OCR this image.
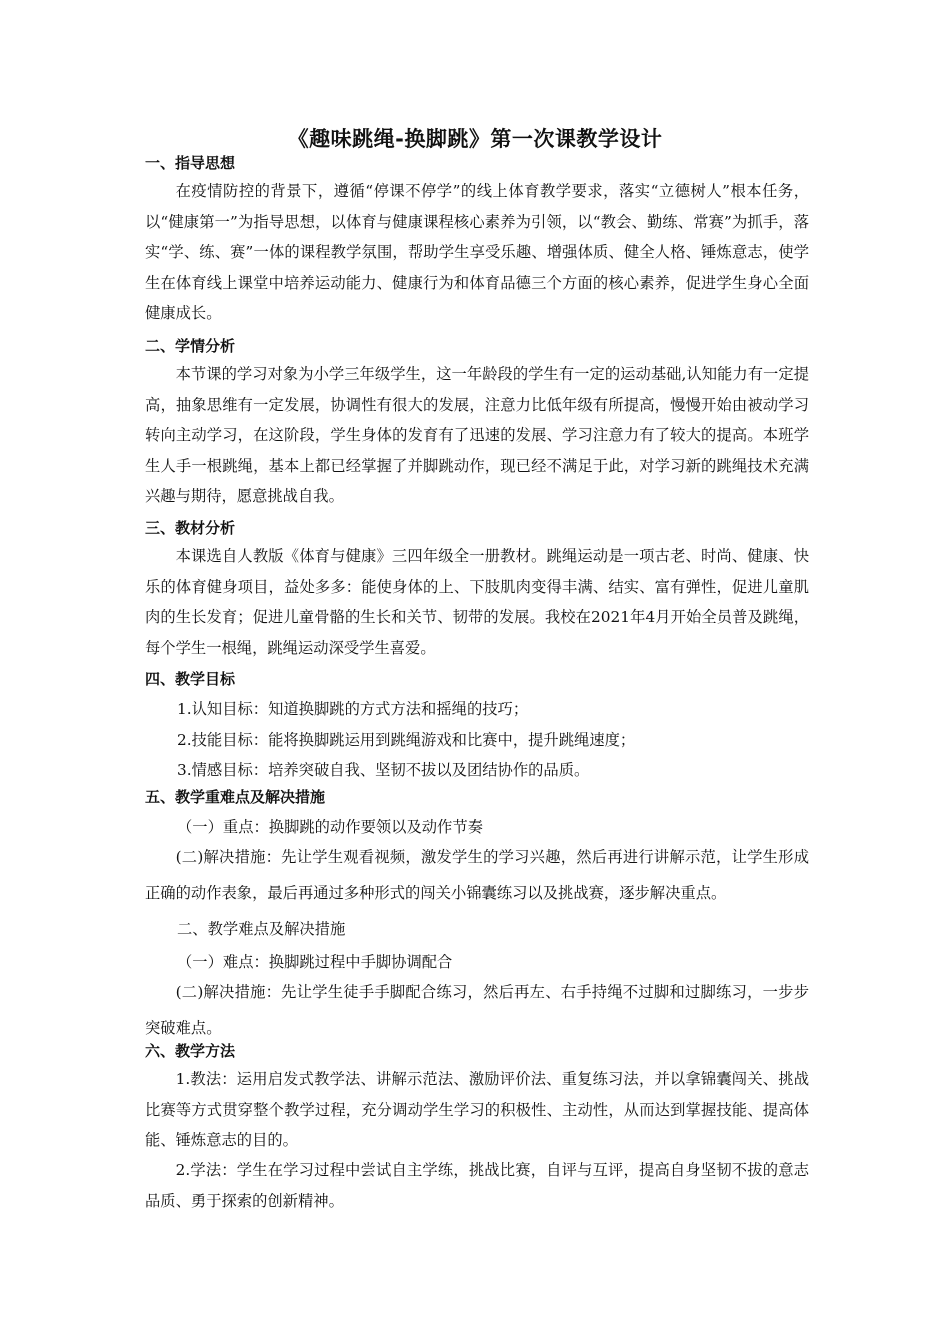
《趣味跳绳-换脚跳》第一次课教学设计
一、指导思想

在疫情防控的背景下，遵循“停课不停学”的线上体育教学要求，落实“立德树人”根本任务，以“健康第一”为指导思想，以体育与健康课程核心素养为引领，以“教会、勤练、常赛”为抓手，落实“学、练、赛”一体的课程教学氛围，帮助学生享受乐趣、增强体质、健全人格、锤炼意志，使学生在体育线上课堂中培养运动能力、健康行为和体育品德三个方面的核心素养，促进学生身心全面健康成长。

二、学情分析

本节课的学习对象为小学三年级学生，这一年龄段的学生有一定的运动基础,认知能力有一定提高，抽象思维有一定发展，协调性有很大的发展，注意力比低年级有所提高，慢慢开始由被动学习转向主动学习，在这阶段，学生身体的发育有了迅速的发展、学习注意力有了较大的提高。本班学生人手一根跳绳，基本上都已经掌握了并脚跳动作，现已经不满足于此，对学习新的跳绳技术充满兴趣与期待，愿意挑战自我。

三、教材分析

本课选自人教版《体育与健康》三四年级全一册教材。跳绳运动是一项古老、时尚、健康、快乐的体育健身项目，益处多多：能使身体的上、下肢肌肉变得丰满、结实、富有弹性，促进儿童肌肉的生长发育；促进儿童骨骼的生长和关节、韧带的发展。我校在2021年4月开始全员普及跳绳，每个学生一根绳，跳绳运动深受学生喜爱。

四、教学目标
1.认知目标：知道换脚跳的方式方法和摇绳的技巧；
2.技能目标：能将换脚跳运用到跳绳游戏和比赛中，提升跳绳速度；
3.情感目标：培养突破自我、坚韧不拔以及团结协作的品质。
五、教学重难点及解决措施
（一）重点：换脚跳的动作要领以及动作节奏

(二)解决措施：先让学生观看视频，激发学生的学习兴趣，然后再进行讲解示范，让学生形成正确的动作表象，最后再通过多种形式的闯关小锦囊练习以及挑战赛，逐步解决重点。

二、教学难点及解决措施
（一）难点：换脚跳过程中手脚协调配合

(二)解决措施：先让学生徒手手脚配合练习，然后再左、右手持绳不过脚和过脚练习，一步步突破难点。

六、教学方法

1.教法：运用启发式教学法、讲解示范法、激励评价法、重复练习法，并以拿锦囊闯关、挑战比赛等方式贯穿整个教学过程，充分调动学生学习的积极性、主动性，从而达到掌握技能、提高体能、锤炼意志的目的。

2.学法：学生在学习过程中尝试自主学练，挑战比赛，自评与互评，提高自身坚韧不拔的意志品质、勇于探索的创新精神。
